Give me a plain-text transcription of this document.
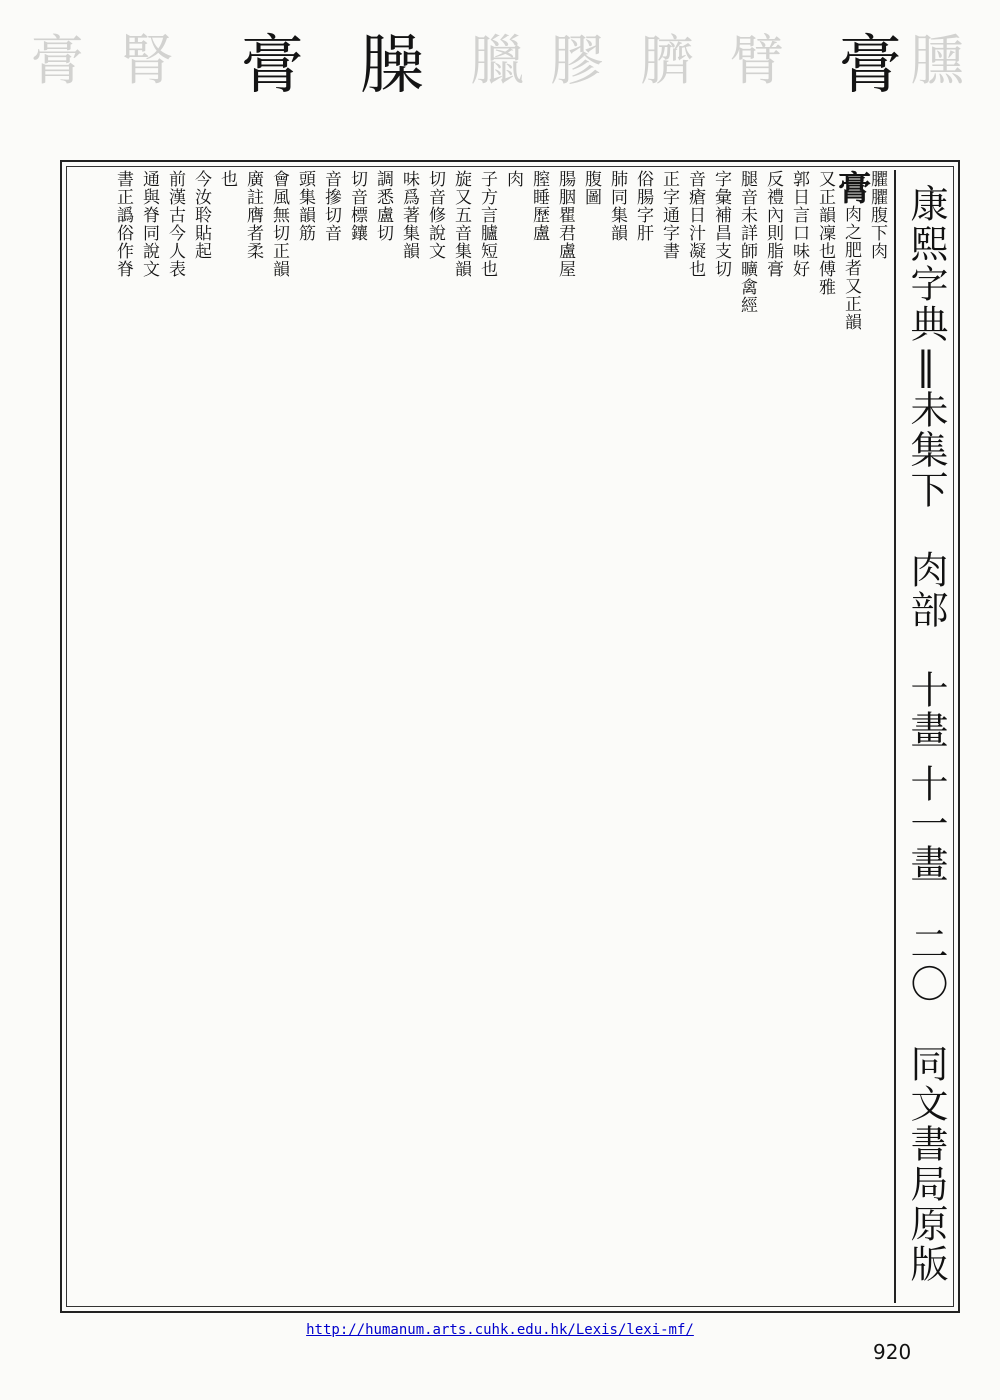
膏 腎 膏 臊 臘 膠 臍 臂 膏 臐
康熙字典‖未集下　肉部　十畫 十一畫　二〇　同文書局原版
臞臞腹下肉
膏肉之肥者又正韻
又正韻凜也傅雅
郭日言口味好
反禮內則脂膏
腿音未詳師曠禽經
字彙補昌支切
音瘡日汁凝也
正字通字書
俗腸字肝
肺同集韻
腹圖
腸胭瞿君盧屋
膣睡歷盧
肉
子方言臚短也
旋又五音集韻
切音修說文
味爲著集韻
調悉盧切
切音標鑲
音摻切音
頭集韻筋
會風無切正韻
廣註膺者柔
也
今汝聆貼起
前漢古今人表
通與脊同說文
書正譌俗作脊
http://humanum.arts.cuhk.edu.hk/Lexis/lexi-mf/
920
